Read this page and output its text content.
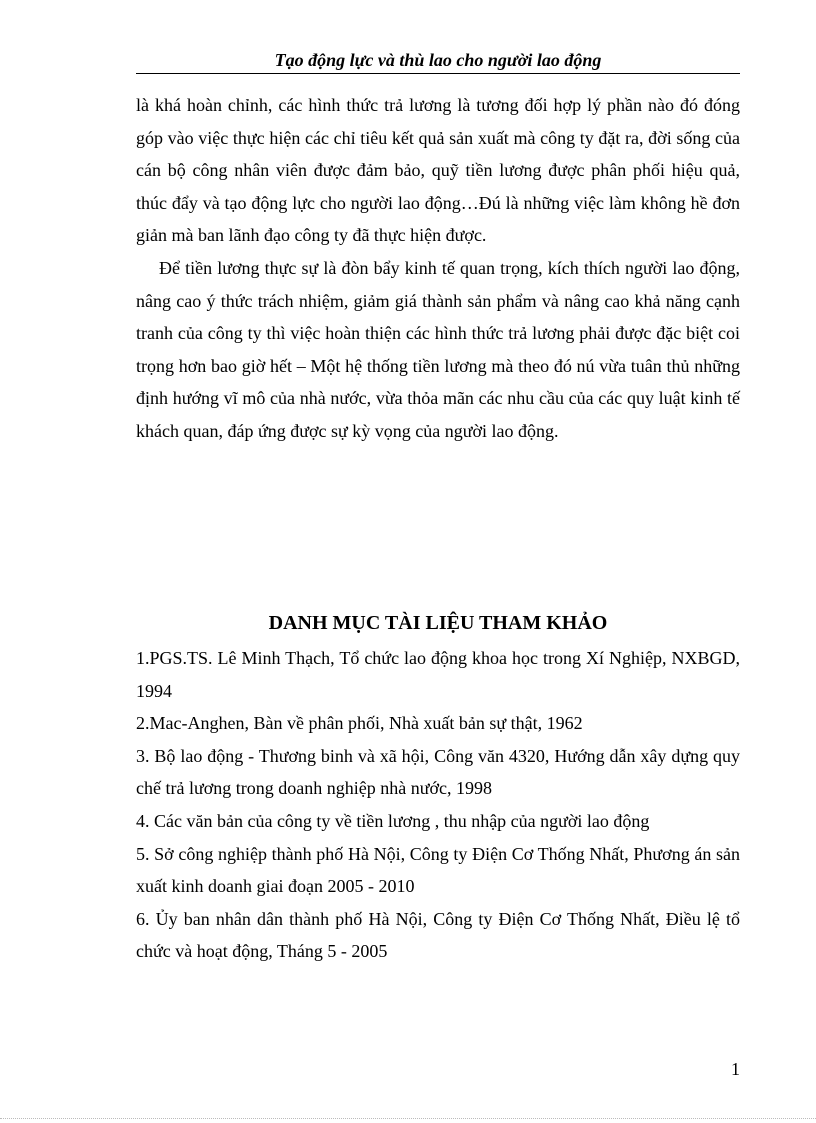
Tạo động lực và thù lao cho người lao động

là khá hoàn chỉnh, các hình thức trả lương là tương đối hợp lý phần nào đó đóng góp vào việc thực hiện các chỉ tiêu kết quả sản xuất mà công ty đặt ra, đời sống của cán bộ công nhân viên được đảm bảo, quỹ tiền lương được phân phối hiệu quả, thúc đẩy và tạo động lực cho người lao động…Đú là những việc làm không hề đơn giản mà ban lãnh đạo công ty đã thực hiện được.

Để tiền lương thực sự là đòn bẩy kinh tế quan trọng, kích thích người lao động, nâng cao ý thức trách nhiệm, giảm giá thành sản phẩm và nâng cao khả năng cạnh tranh của công ty thì việc hoàn thiện các hình thức trả lương phải được đặc biệt coi trọng hơn bao giờ hết – Một hệ thống tiền lương mà theo đó nú vừa tuân thủ những định hướng vĩ mô của nhà nước, vừa thỏa mãn các nhu cầu của các quy luật kinh tế khách quan, đáp ứng được sự kỳ vọng của người lao động.

DANH MỤC TÀI LIỆU THAM KHẢO

1.PGS.TS. Lê Minh Thạch, Tổ chức lao động khoa học trong Xí Nghiệp, NXBGD, 1994

2.Mac-Anghen, Bàn về phân phối, Nhà xuất bản sự thật, 1962

3. Bộ lao động - Thương binh và xã hội, Công văn 4320, Hướng dẫn xây dựng quy chế trả lương trong doanh nghiệp nhà nước, 1998

4. Các văn bản của công ty về tiền lương , thu nhập của người lao động

5. Sở công nghiệp thành phố Hà Nội, Công ty Điện Cơ Thống Nhất, Phương án sản xuất kinh doanh giai đoạn 2005 - 2010

6. Ủy ban nhân dân thành phố Hà Nội, Công ty Điện Cơ Thống Nhất, Điều lệ tổ chức và hoạt động, Tháng 5 - 2005

1
